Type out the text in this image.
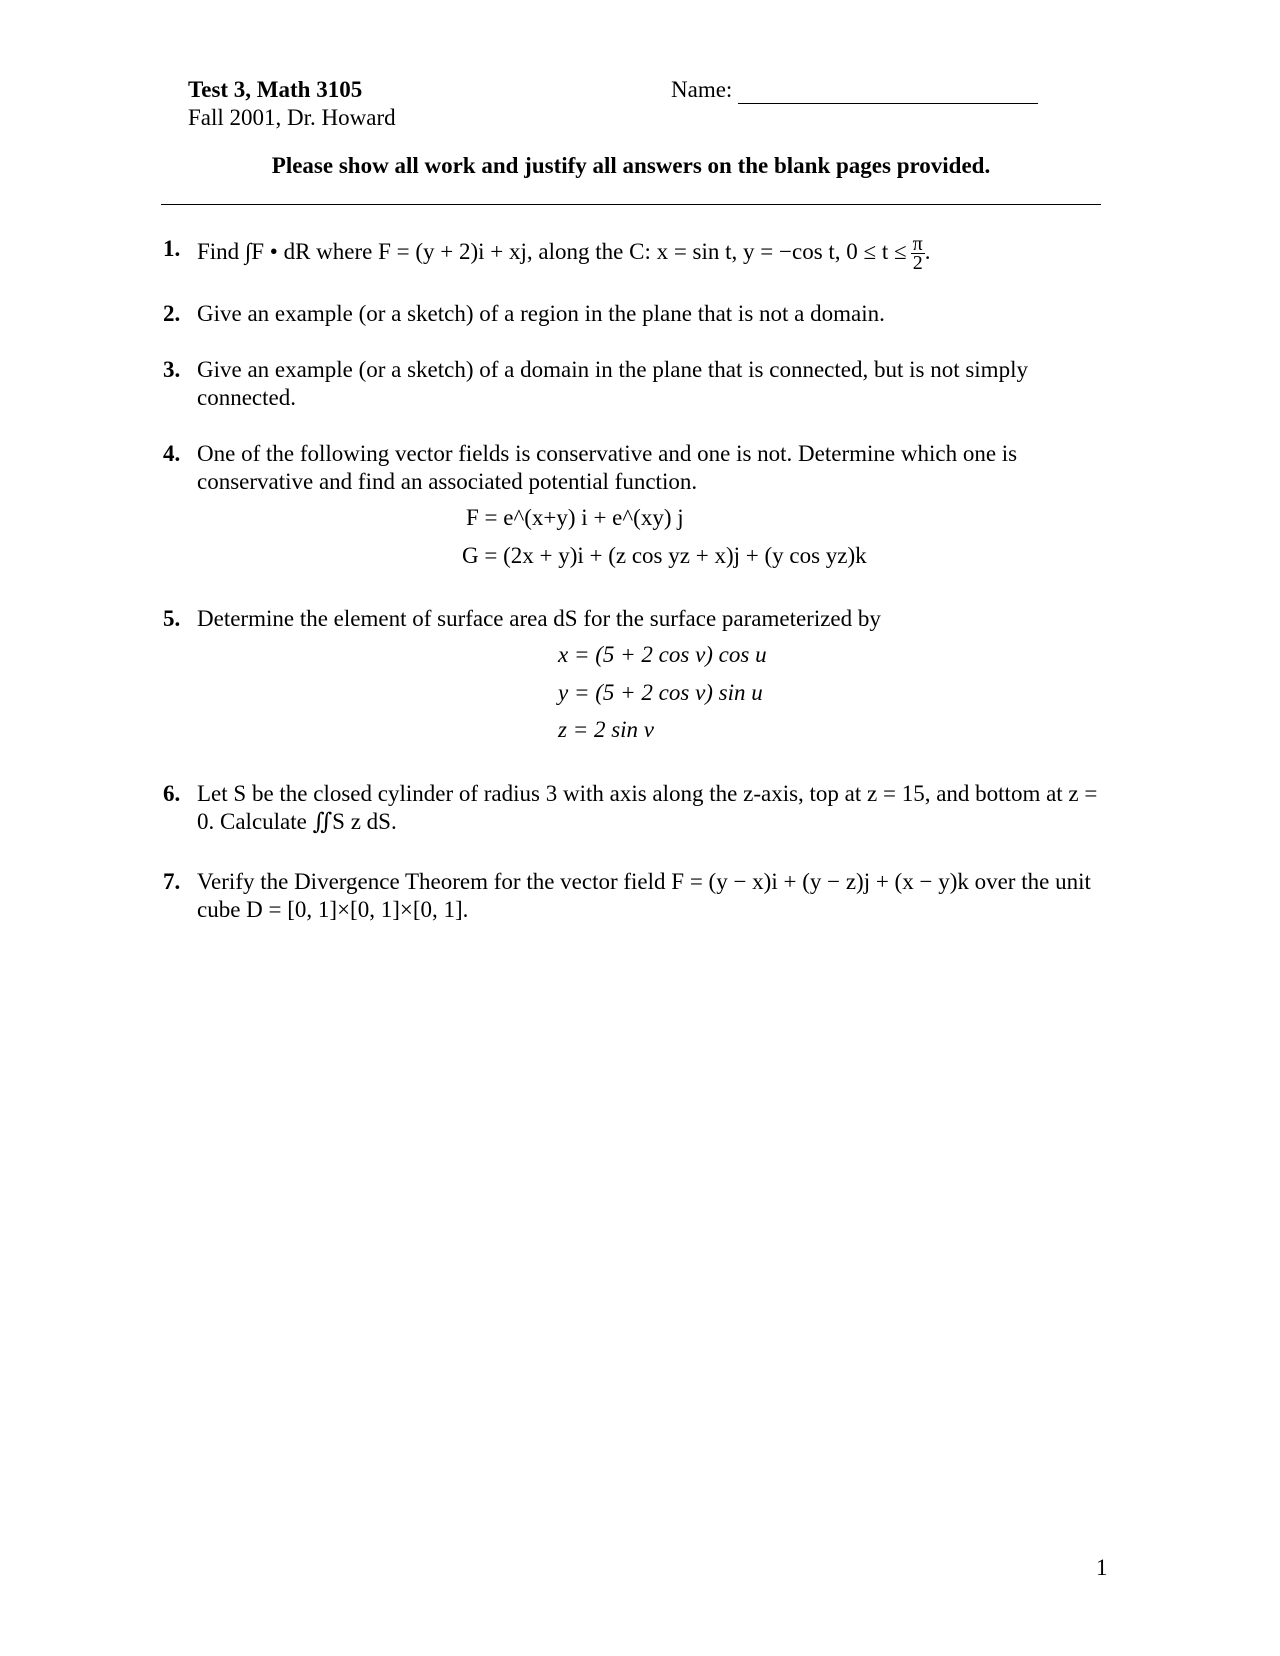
Test 3, Math 3105

Fall 2001, Dr. Howard

Name:

Please show all work and justify all answers on the blank pages provided.

1. Find ∫F • dR where F = (y + 2)i + xj, along the C: x = sin t, y = −cos t, $0 \le t \le \frac{\pi}{2}$ .
2. Give an example (or a sketch) of a region in the plane that is not a domain.

3. Give an example (or a sketch) of a domain in the plane that is connected, but is not simply connected.

4. One of the following vector fields is conservative and one is not. Determine which one is conservative and find an associated potential function.

F = e^(x+y) i + e^(xy) j

G = (2x + y)i + (z cos yz + x)j + (y cos yz)k

5. Determine the element of surface area dS for the surface parameterized by

x = (5 + 2 cos v) cos u

y = (5 + 2 cos v) sin u

z = 2 sin v

6. Let S be the closed cylinder of radius 3 with axis along the z-axis, top at z = 15, and bottom at z = 0. Calculate ∬S z dS.

7. Verify the Divergence Theorem for the vector field F = (y − x)i + (y − z)j + (x − y)k over the unit cube D = [0, 1]×[0, 1]×[0, 1].

1
